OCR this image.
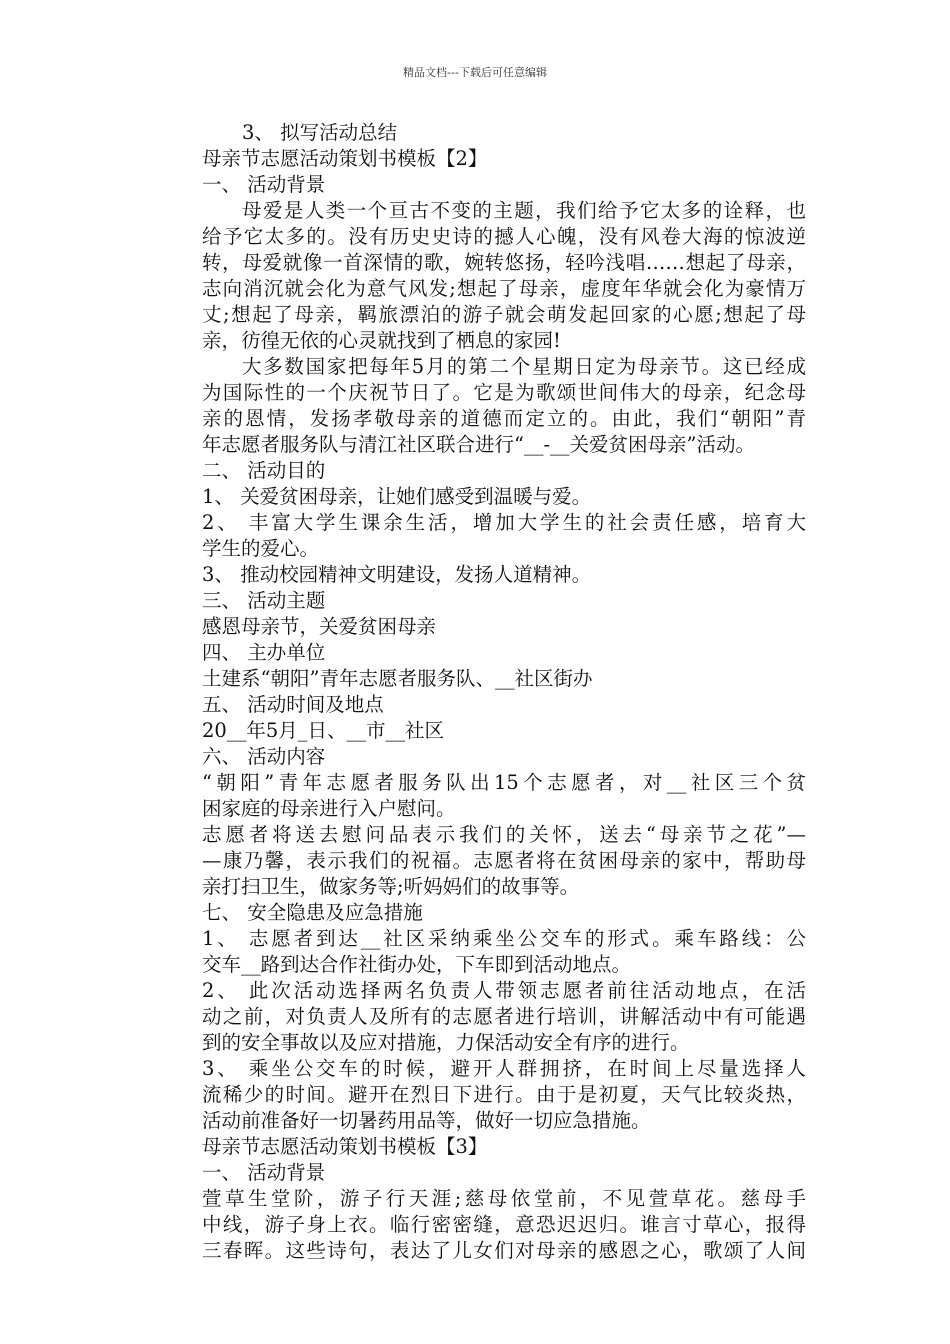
精品文档---下载后可任意编辑
3、 拟写活动总结
母亲节志愿活动策划书模板【2】
一、 活动背景
母爱是人类一个亘古不变的主题，我们给予它太多的诠释，也
给予它太多的。没有历史史诗的撼人心魄，没有风卷大海的惊波逆
转，母爱就像一首深情的歌，婉转悠扬，轻吟浅唱……想起了母亲，
志向消沉就会化为意气风发;想起了母亲，虚度年华就会化为豪情万
丈;想起了母亲，羁旅漂泊的游子就会萌发起回家的心愿;想起了母
亲，彷徨无依的心灵就找到了栖息的家园!
大多数国家把每年5月的第二个星期日定为母亲节。这已经成
为国际性的一个庆祝节日了。它是为歌颂世间伟大的母亲，纪念母
亲的恩情，发扬孝敬母亲的道德而定立的。由此，我们“朝阳”青
年志愿者服务队与清江社区联合进行“__-__关爱贫困母亲”活动。
二、 活动目的
1、 关爱贫困母亲，让她们感受到温暖与爱。
2、 丰富大学生课余生活，增加大学生的社会责任感，培育大
学生的爱心。
3、 推动校园精神文明建设，发扬人道精神。
三、 活动主题
感恩母亲节，关爱贫困母亲
四、 主办单位
土建系“朝阳”青年志愿者服务队、__社区街办
五、 活动时间及地点
20__年5月_日、__市__社区
六、 活动内容
“朝阳”青年志愿者服务队出15个志愿者，对__社区三个贫
困家庭的母亲进行入户慰问。
志愿者将送去慰问品表示我们的关怀，送去“母亲节之花”—
—康乃馨，表示我们的祝福。志愿者将在贫困母亲的家中，帮助母
亲打扫卫生，做家务等;听妈妈们的故事等。
七、 安全隐患及应急措施
1、 志愿者到达__社区采纳乘坐公交车的形式。乘车路线：公
交车__路到达合作社街办处，下车即到活动地点。
2、 此次活动选择两名负责人带领志愿者前往活动地点，在活
动之前，对负责人及所有的志愿者进行培训，讲解活动中有可能遇
到的安全事故以及应对措施，力保活动安全有序的进行。
3、 乘坐公交车的时候，避开人群拥挤，在时间上尽量选择人
流稀少的时间。避开在烈日下进行。由于是初夏，天气比较炎热，
活动前准备好一切暑药用品等，做好一切应急措施。
母亲节志愿活动策划书模板【3】
一、 活动背景
萱草生堂阶，游子行天涯;慈母依堂前，不见萱草花。慈母手
中线，游子身上衣。临行密密缝，意恐迟迟归。谁言寸草心，报得
三春晖。这些诗句，表达了儿女们对母亲的感恩之心，歌颂了人间
